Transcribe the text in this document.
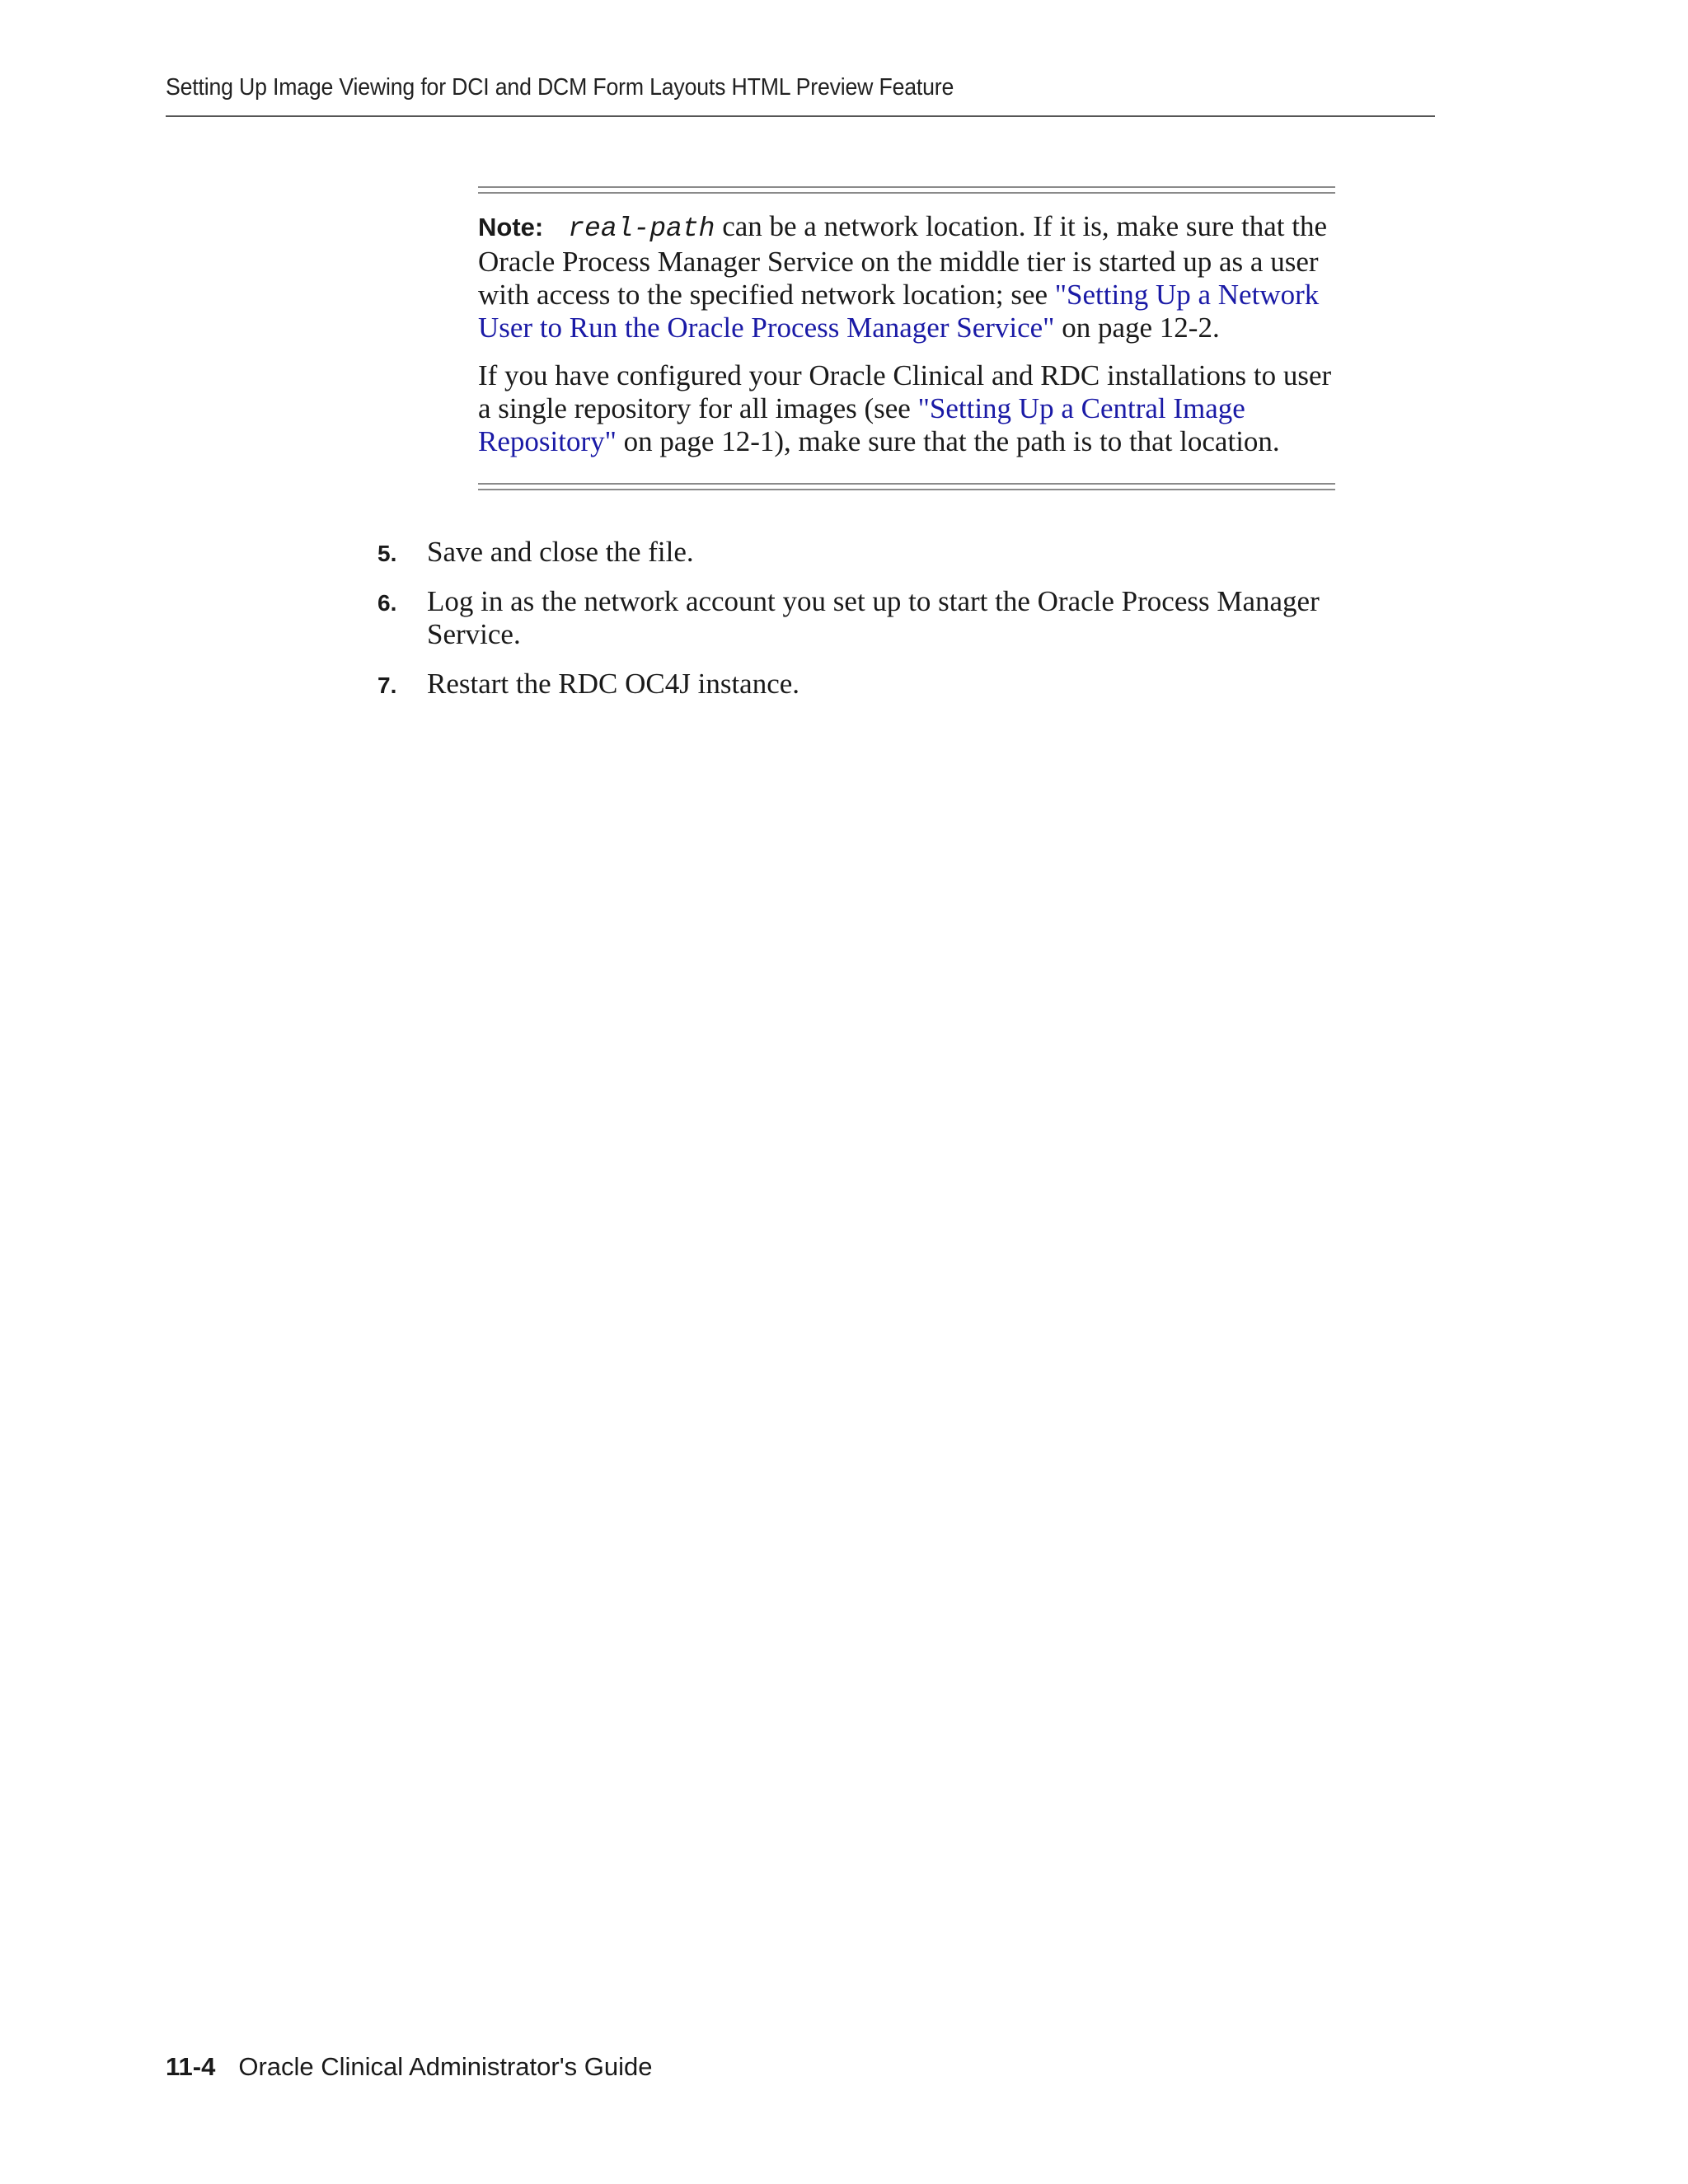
Setting Up Image Viewing for DCI and DCM Form Layouts HTML Preview Feature

Note: real-path can be a network location. If it is, make sure that the Oracle Process Manager Service on the middle tier is started up as a user with access to the specified network location; see "Setting Up a Network User to Run the Oracle Process Manager Service" on page 12-2.

If you have configured your Oracle Clinical and RDC installations to user a single repository for all images (see "Setting Up a Central Image Repository" on page 12-1), make sure that the path is to that location.

5. Save and close the file.
6. Log in as the network account you set up to start the Oracle Process Manager Service.
7. Restart the RDC OC4J instance.
11-4 Oracle Clinical Administrator's Guide
